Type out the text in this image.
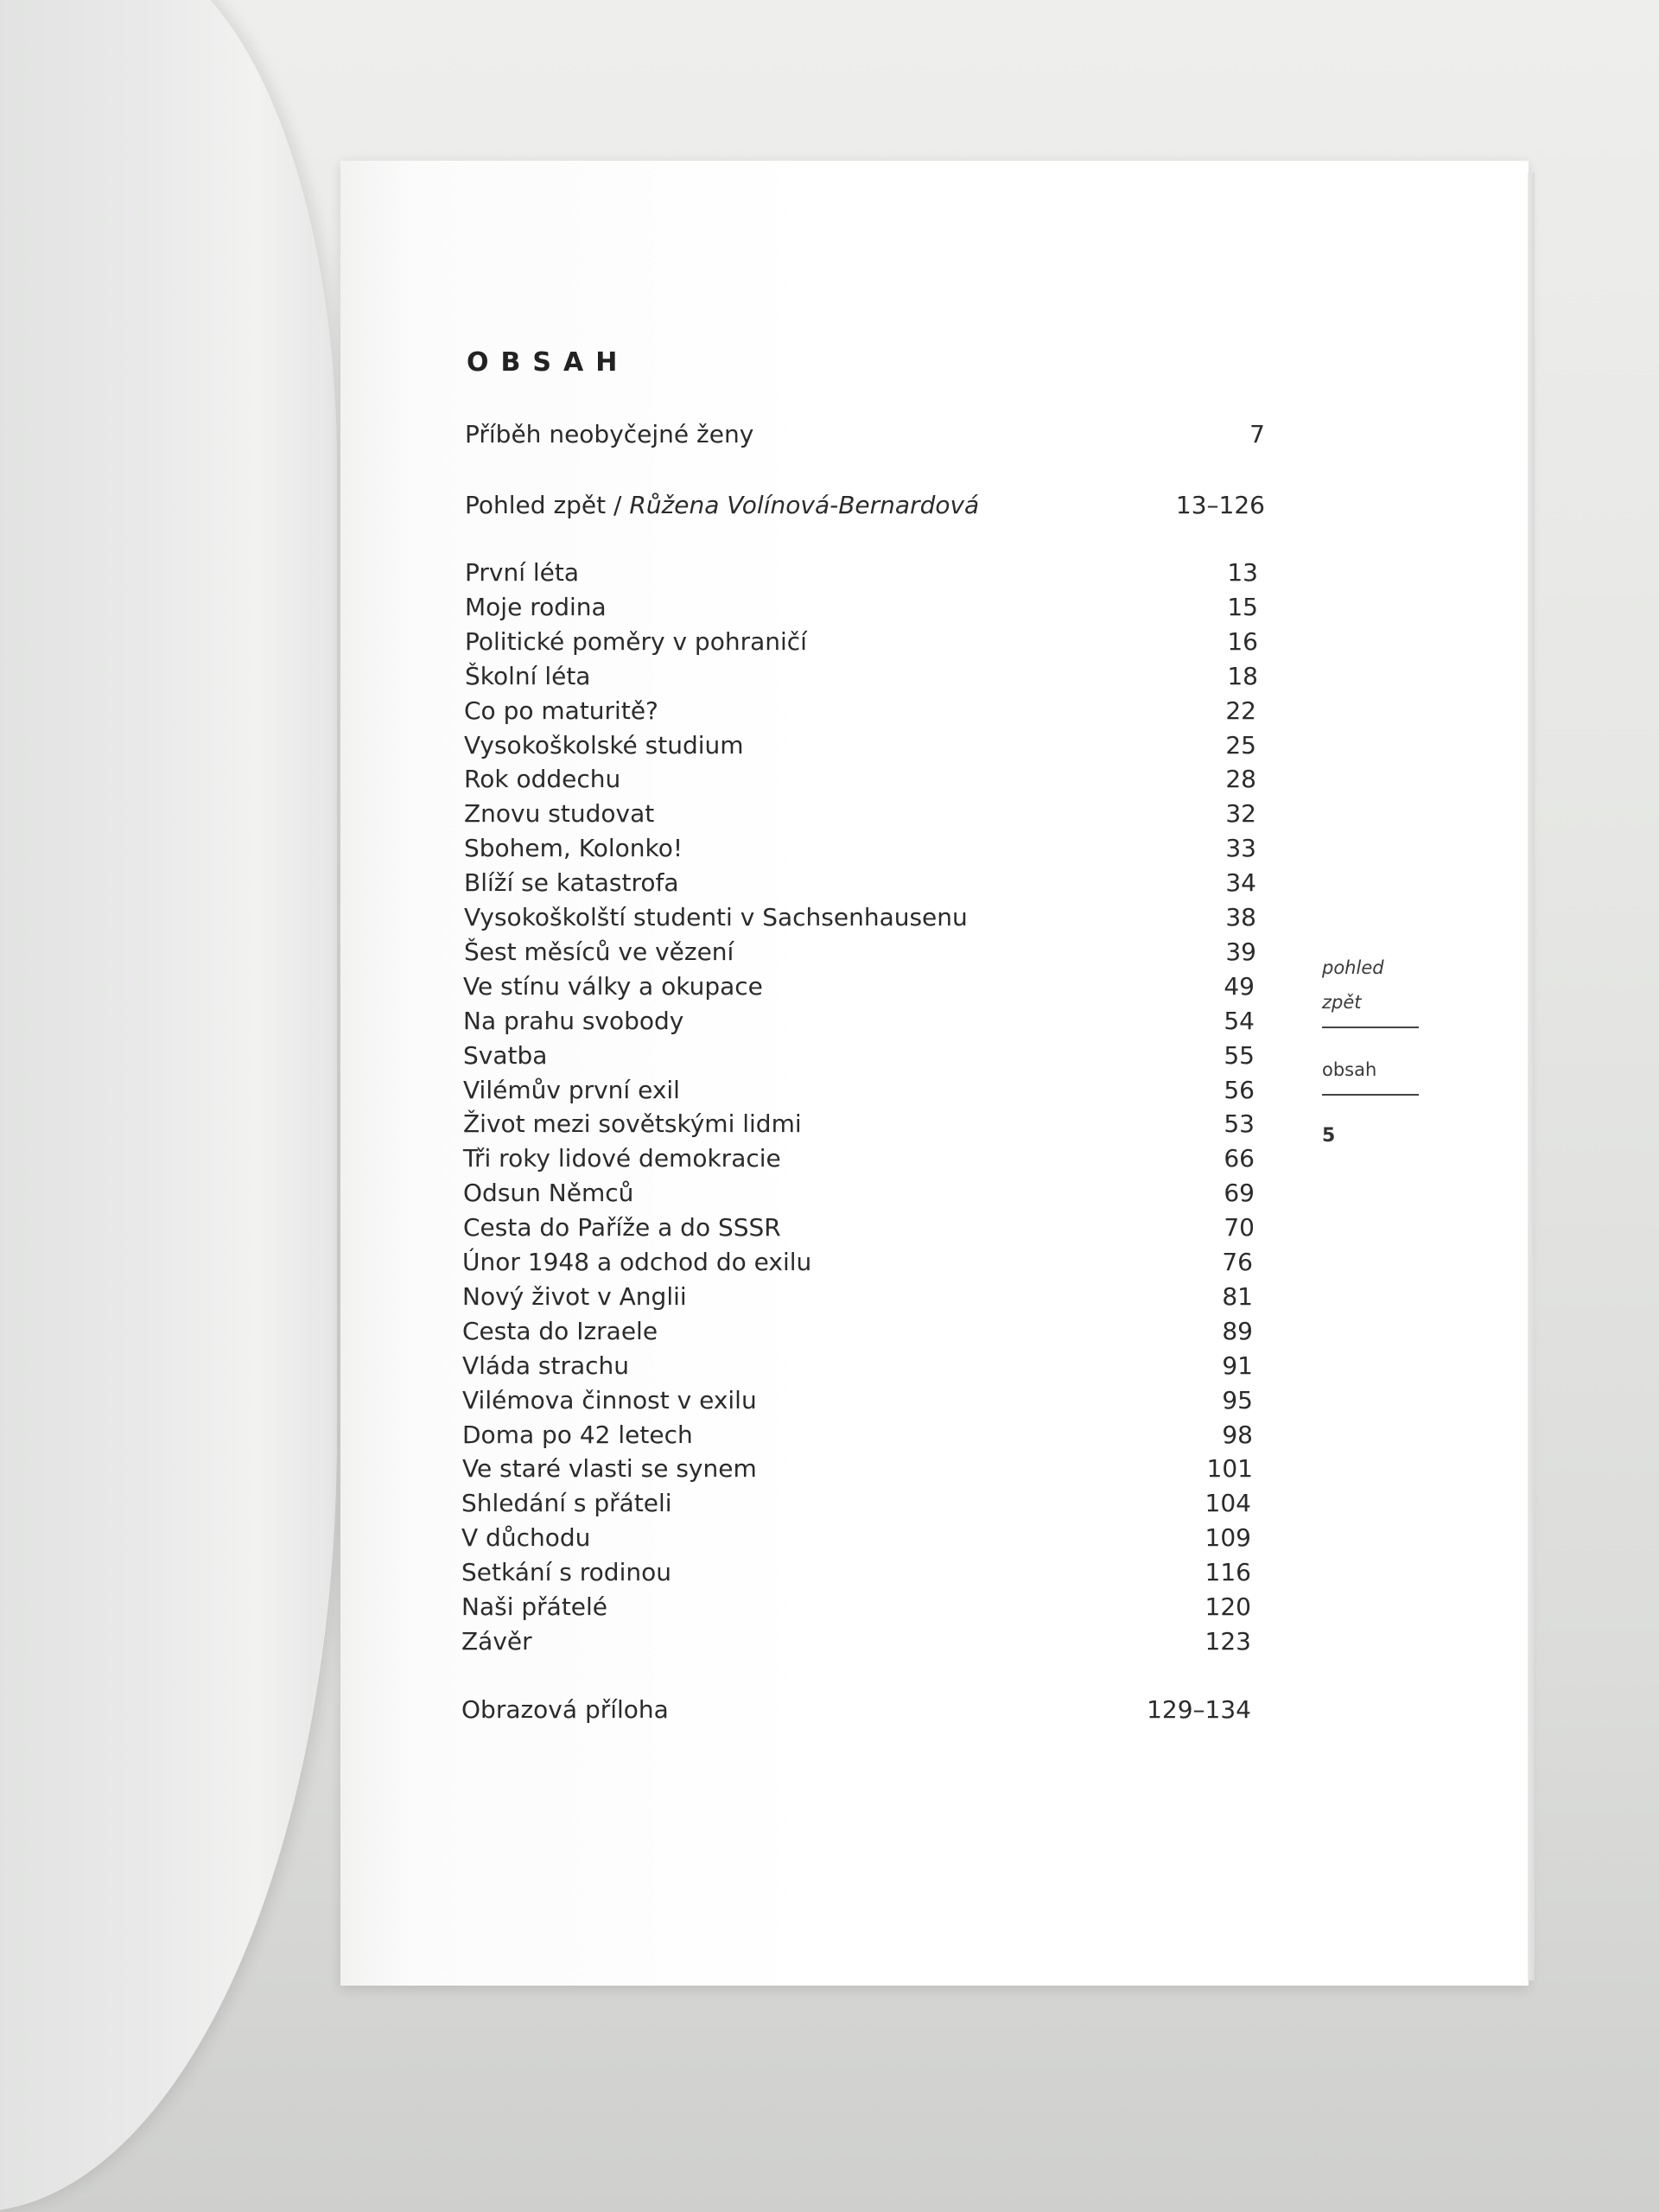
OBSAH
Příběh neobyčejné ženy	7
Pohled zpět / Růžena Volínová-Bernardová	13–126
První léta	13
Moje rodina	15
Politické poměry v pohraničí	16
Školní léta	18
Co po maturitě?	22
Vysokoškolské studium	25
Rok oddechu	28
Znovu studovat	32
Sbohem, Kolonko!	33
Blíží se katastrofa	34
Vysokoškolští studenti v Sachsenhausenu	38
Šest měsíců ve vězení	39
Ve stínu války a okupace	49
Na prahu svobody	54
Svatba	55
Vilémův první exil	56
Život mezi sovětskými lidmi	53
Tři roky lidové demokracie	66
Odsun Němců	69
Cesta do Paříže a do SSSR	70
Únor 1948 a odchod do exilu	76
Nový život v Anglii	81
Cesta do Izraele	89
Vláda strachu	91
Vilémova činnost v exilu	95
Doma po 42 letech	98
Ve staré vlasti se synem	101
Shledání s přáteli	104
V důchodu	109
Setkání s rodinou	116
Naši přátelé	120
Závěr	123
Obrazová příloha	129–134
pohled
zpět
obsah
5
